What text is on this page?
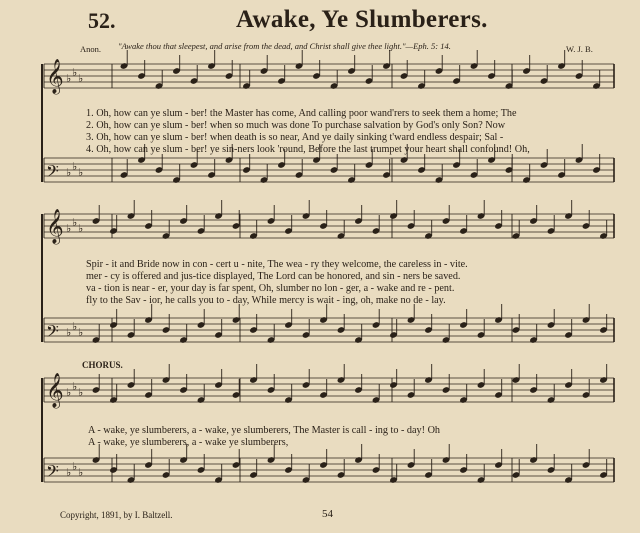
52.	Awake, Ye Slumberers.
Anon. "Awake thou that sleepest, and arise from the dead, and Christ shall give thee light."—Eph. 5: 14.	W. J. B.
𝄞 ♭ ♭ ♭
𝄢 ♭ ♭ ♭
𝄞 ♭ ♭ ♭
𝄢 ♭ ♭ ♭
𝄞 ♭ ♭ ♭
𝄢 ♭ ♭ ♭
1. Oh, how can ye slum - ber! the Master has come, And calling poor wand'rers to seek them a home; The
2. Oh, how can ye slum - ber! when so much was done To purchase salvation by God's only Son? Now
3. Oh, how can ye slum - ber! when death is so near, And ye daily sinking t'ward endless despair; Sal -
4. Oh, how can ye slum - ber! ye sin-ners look 'round, Before the last trumpet your heart shall confound! Oh,
Spir - it and Bride now in con - cert u - nite, The wea - ry they welcome, the careless in - vite.
mer - cy is offered and jus-tice displayed, The Lord can be honored, and sin - ners be saved.
va - tion is near - er, your day is far spent, Oh, slumber no lon - ger, a - wake and re - pent.
fly to the Sav - ior, he calls you to - day, While mercy is wait - ing, oh, make no de - lay.
CHORUS.
A - wake, ye slumberers, a - wake, ye slumberers, The Master is call - ing to - day! Oh
A - wake, ye slumberers, a - wake ye slumberers,
Copyright, 1891, by I. Baltzell.	54
